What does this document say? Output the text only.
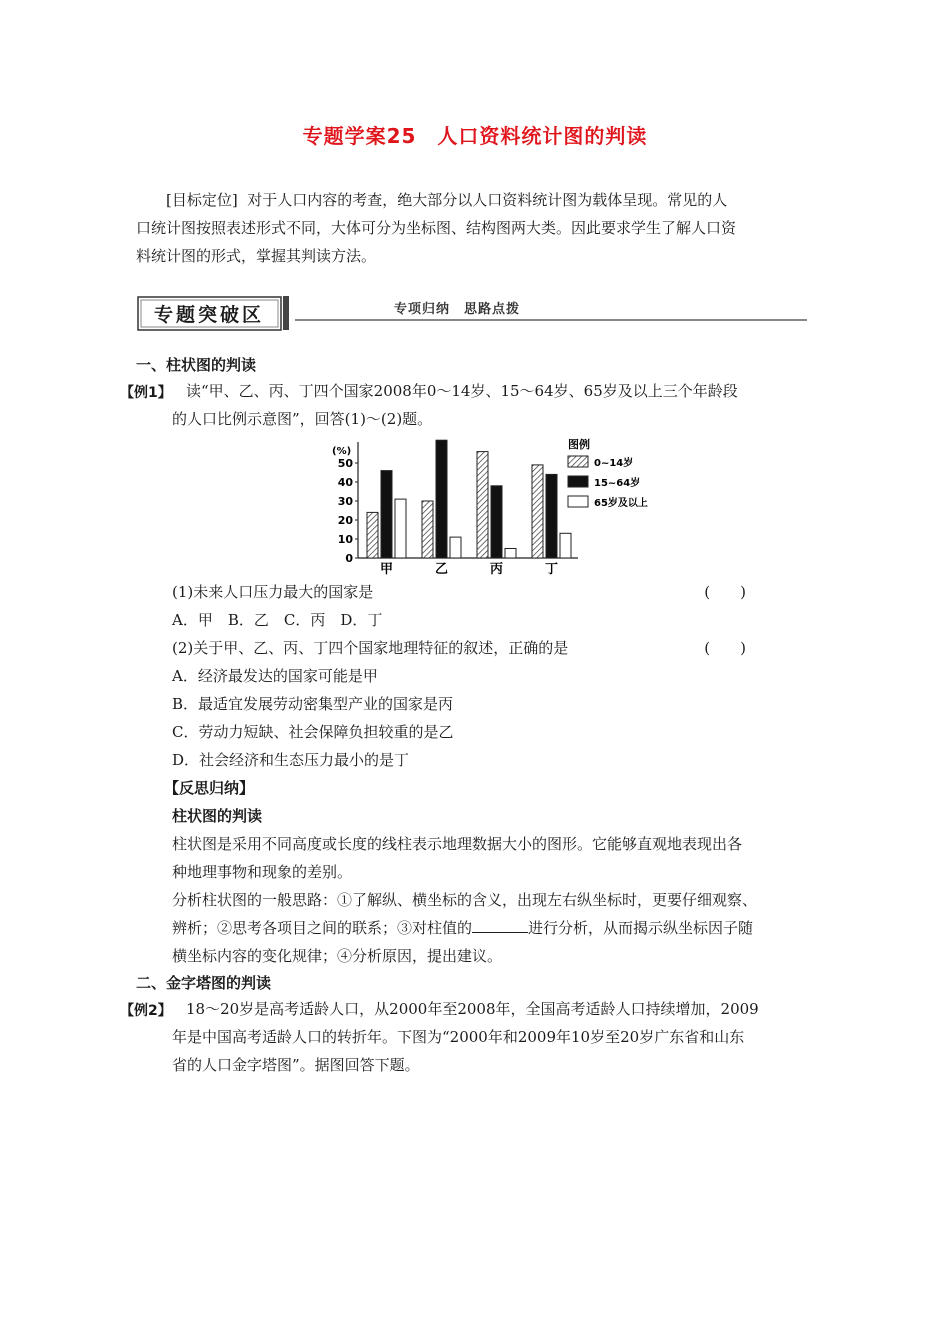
专题学案25　人口资料统计图的判读

[目标定位] 对于人口内容的考查，绝大部分以人口资料统计图为载体呈现。常见的人

口统计图按照表述形式不同，大体可分为坐标图、结构图两大类。因此要求学生了解人口资

料统计图的形式，掌握其判读方法。

专题突破区	专项归纳　思路点拨
一、柱状图的判读
【例1】 读“甲、乙、丙、丁四个国家2008年0～14岁、15～64岁、65岁及以上三个年龄段
的人口比例示意图”，回答(1)～(2)题。
(%)
0
10
20
30
40
50
甲	乙	丙	丁
图例
0~14岁
15~64岁
65岁及以上
(1)未来人口压力最大的国家是	(　　)
A．甲　B．乙　C．丙　D．丁
(2)关于甲、乙、丙、丁四个国家地理特征的叙述，正确的是	(　　)
A．经济最发达的国家可能是甲
B．最适宜发展劳动密集型产业的国家是丙
C．劳动力短缺、社会保障负担较重的是乙
D．社会经济和生态压力最小的是丁
【反思归纳】
柱状图的判读
柱状图是采用不同高度或长度的线柱表示地理数据大小的图形。它能够直观地表现出各
种地理事物和现象的差别。
分析柱状图的一般思路：①了解纵、横坐标的含义，出现左右纵坐标时，更要仔细观察、
辨析；②思考各项目之间的联系；③对柱值的	进行分析，从而揭示纵坐标因子随
横坐标内容的变化规律；④分析原因，提出建议。
二、金字塔图的判读
【例2】 18～20岁是高考适龄人口，从2000年至2008年，全国高考适龄人口持续增加，2009
年是中国高考适龄人口的转折年。下图为“2000年和2009年10岁至20岁广东省和山东
省的人口金字塔图”。据图回答下题。
